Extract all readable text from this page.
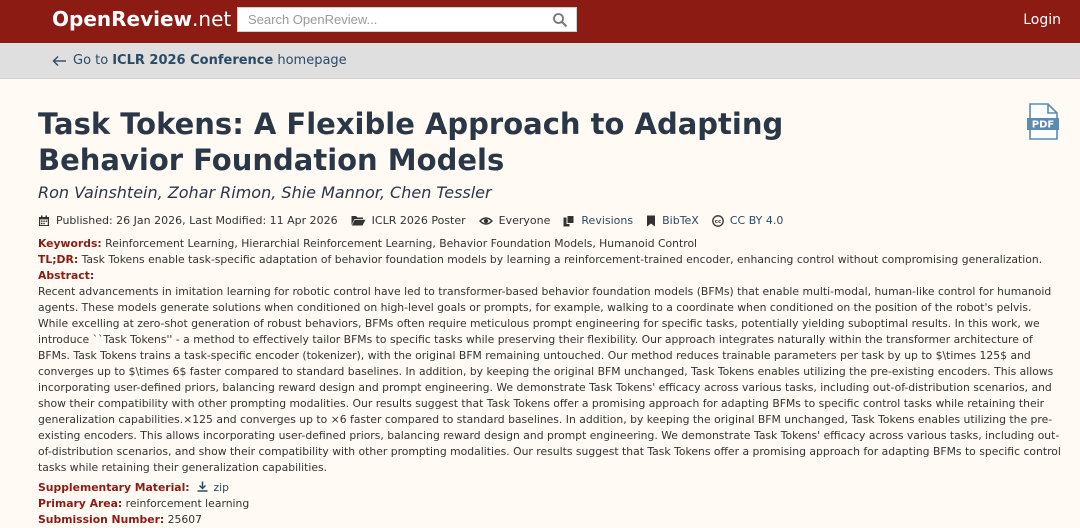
OpenReview.net
Search OpenReview...	Login
Go to ICLR 2026 Conference homepage
Task Tokens: A Flexible Approach to Adapting Behavior Foundation Models
PDF
Ron Vainshtein, Zohar Rimon, Shie Mannor, Chen Tessler
Published: 26 Jan 2026, Last Modified: 11 Apr 2026	ICLR 2026 Poster	Everyone	Revisions	BibTeX	cc CC BY 4.0
Keywords: Reinforcement Learning, Hierarchial Reinforcement Learning, Behavior Foundation Models, Humanoid Control
TL;DR: Task Tokens enable task-specific adaptation of behavior foundation models by learning a reinforcement-trained encoder, enhancing control without compromising generalization.
Abstract:

Recent advancements in imitation learning for robotic control have led to transformer-based behavior foundation models (BFMs) that enable multi-modal, human-like control for humanoid agents. These models generate solutions when conditioned on high-level goals or prompts, for example, walking to a coordinate when conditioned on the position of the robot's pelvis. While excelling at zero-shot generation of robust behaviors, BFMs often require meticulous prompt engineering for specific tasks, potentially yielding suboptimal results. In this work, we introduce ``Task Tokens'' - a method to effectively tailor BFMs to specific tasks while preserving their flexibility. Our approach integrates naturally within the transformer architecture of BFMs. Task Tokens trains a task-specific encoder (tokenizer), with the original BFM remaining untouched. Our method reduces trainable parameters per task by up to $\times 125$ and converges up to $\times 6$ faster compared to standard baselines. In addition, by keeping the original BFM unchanged, Task Tokens enables utilizing the pre-existing encoders. This allows incorporating user-defined priors, balancing reward design and prompt engineering. We demonstrate Task Tokens' efficacy across various tasks, including out-of-distribution scenarios, and show their compatibility with other prompting modalities. Our results suggest that Task Tokens offer a promising approach for adapting BFMs to specific control tasks while retaining their generalization capabilities.×125 and converges up to ×6 faster compared to standard baselines. In addition, by keeping the original BFM unchanged, Task Tokens enables utilizing the pre-existing encoders. This allows incorporating user-defined priors, balancing reward design and prompt engineering. We demonstrate Task Tokens' efficacy across various tasks, including out-of-distribution scenarios, and show their compatibility with other prompting modalities. Our results suggest that Task Tokens offer a promising approach for adapting BFMs to specific control tasks while retaining their generalization capabilities.

Supplementary Material: zip
Primary Area: reinforcement learning
Submission Number: 25607
